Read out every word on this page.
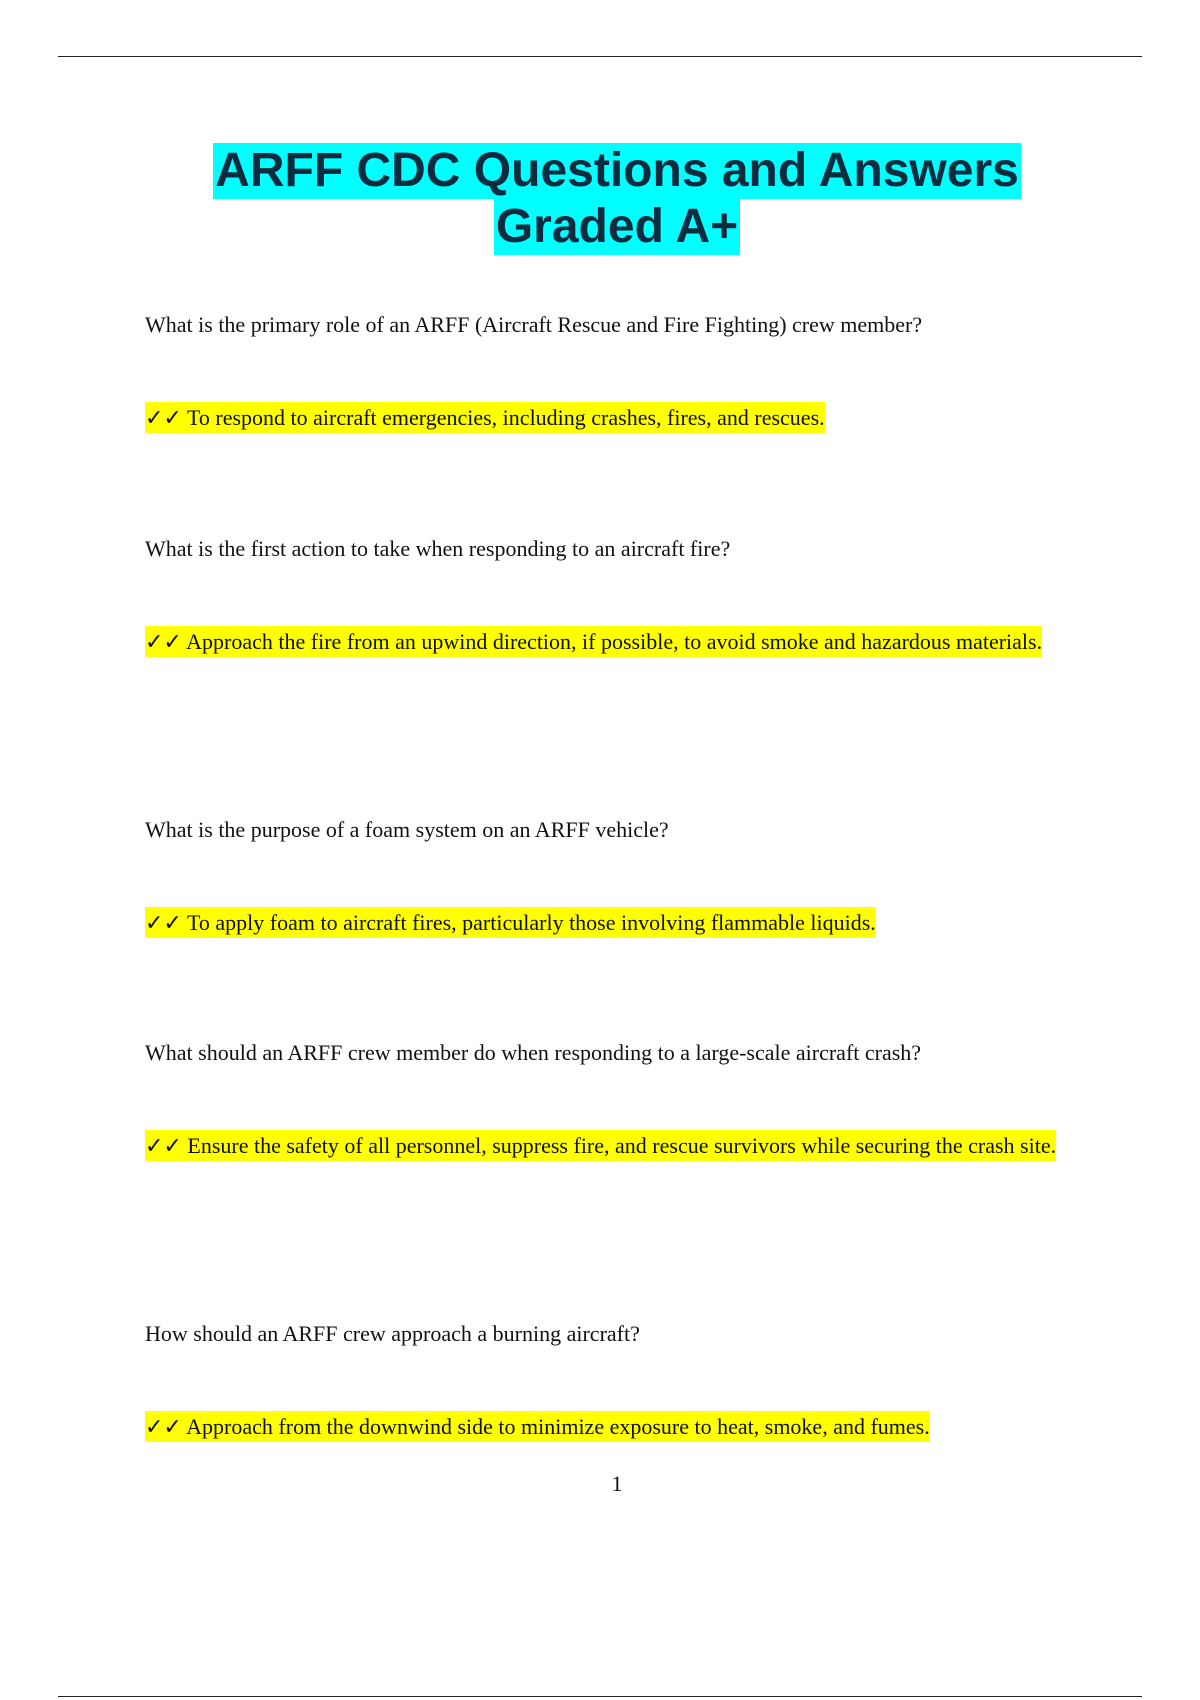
ARFF CDC Questions and Answers
Graded A+
What is the primary role of an ARFF (Aircraft Rescue and Fire Fighting) crew member?
✓✓ To respond to aircraft emergencies, including crashes, fires, and rescues.
What is the first action to take when responding to an aircraft fire?
✓✓ Approach the fire from an upwind direction, if possible, to avoid smoke and hazardous materials.
What is the purpose of a foam system on an ARFF vehicle?
✓✓ To apply foam to aircraft fires, particularly those involving flammable liquids.
What should an ARFF crew member do when responding to a large-scale aircraft crash?
✓✓ Ensure the safety of all personnel, suppress fire, and rescue survivors while securing the crash site.
How should an ARFF crew approach a burning aircraft?
✓✓ Approach from the downwind side to minimize exposure to heat, smoke, and fumes.
1
